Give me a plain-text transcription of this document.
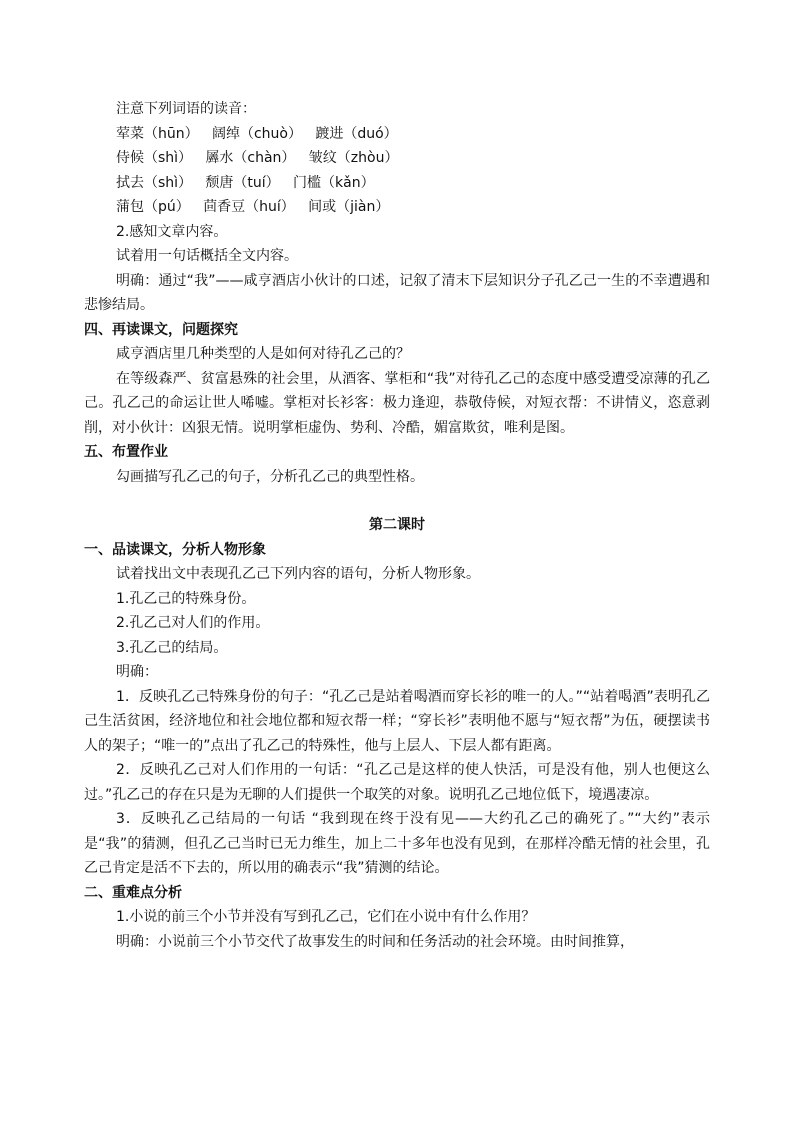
注意下列词语的读音：

荤菜（hūn）   阔绰（chuò）   踱进（duó）

侍候（shì）   羼水（chàn）   皱纹（zhòu）

拭去（shì）   颓唐（tuí）   门槛（kǎn）

蒲包（pú）   茴香豆（huí）   间或（jiàn）

2.感知文章内容。

试着用一句话概括全文内容。

明确：通过“我”——咸亨酒店小伙计的口述，记叙了清末下层知识分子孔乙己一生的不幸遭遇和悲惨结局。

四、再读课文，问题探究

咸亨酒店里几种类型的人是如何对待孔乙己的？

在等级森严、贫富悬殊的社会里，从酒客、掌柜和“我”对待孔乙己的态度中感受遭受凉薄的孔乙己。孔乙己的命运让世人唏嘘。掌柜对长衫客：极力逢迎，恭敬侍候，对短衣帮：不讲情义，恣意剥削，对小伙计：凶狠无情。说明掌柜虚伪、势利、冷酷，媚富欺贫，唯利是图。

五、布置作业

勾画描写孔乙己的句子，分析孔乙己的典型性格。

第二课时

一、品读课文，分析人物形象

试着找出文中表现孔乙己下列内容的语句，分析人物形象。

1.孔乙己的特殊身份。

2.孔乙己对人们的作用。

3.孔乙己的结局。

明确：

1．反映孔乙己特殊身份的句子：“孔乙己是站着喝酒而穿长衫的唯一的人。”“站着喝酒”表明孔乙己生活贫困，经济地位和社会地位都和短衣帮一样；“穿长衫”表明他不愿与“短衣帮”为伍，硬摆读书人的架子；“唯一的”点出了孔乙己的特殊性，他与上层人、下层人都有距离。

2．反映孔乙己对人们作用的一句话：“孔乙己是这样的使人快活，可是没有他，别人也便这么过。”孔乙己的存在只是为无聊的人们提供一个取笑的对象。说明孔乙己地位低下，境遇凄凉。

3．反映孔乙己结局的一句话 “我到现在终于没有见——大约孔乙己的确死了。”“大约”表示是“我”的猜测，但孔乙己当时已无力维生，加上二十多年也没有见到，在那样冷酷无情的社会里，孔乙己肯定是活不下去的，所以用的确表示“我”猜测的结论。

二、重难点分析

1.小说的前三个小节并没有写到孔乙己，它们在小说中有什么作用？

明确：小说前三个小节交代了故事发生的时间和任务活动的社会环境。由时间推算，
